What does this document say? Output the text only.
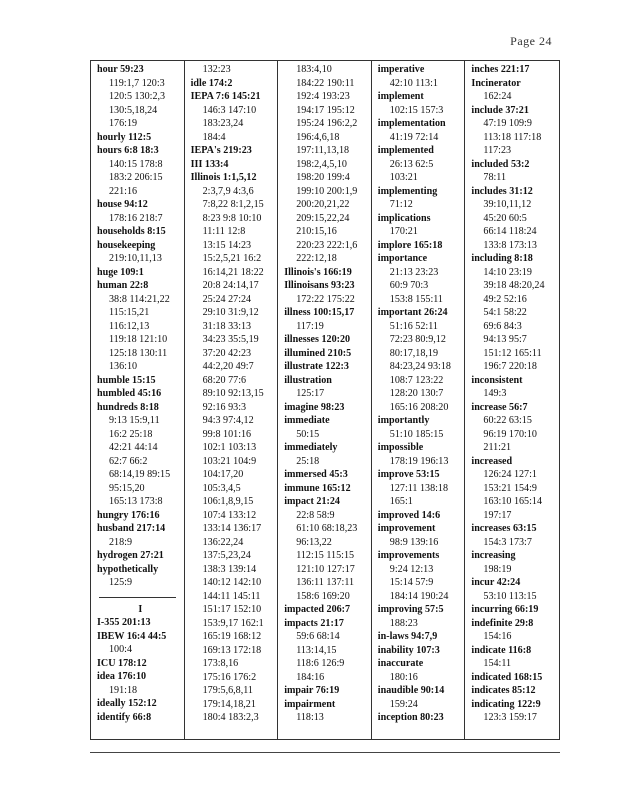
Page 24
hour 59:23
119:1,7 120:3
120:5 130:2,3
130:5,18,24
176:19
hourly 112:5
hours 6:8 18:3
140:15 178:8
183:2 206:15
221:16
house 94:12
178:16 218:7
households 8:15
housekeeping
219:10,11,13
huge 109:1
human 22:8
38:8 114:21,22
115:15,21
116:12,13
119:18 121:10
125:18 130:11
136:10
humble 15:15
humbled 45:16
hundreds 8:18
9:13 15:9,11
16:2 25:18
42:21 44:14
62:7 66:2
68:14,19 89:15
95:15,20
165:13 173:8
hungry 176:16
husband 217:14
218:9
hydrogen 27:21
hypothetically
125:9
I
I-355 201:13
IBEW 16:4 44:5
100:4
ICU 178:12
idea 176:10
191:18
ideally 152:12
identify 66:8
132:23
idle 174:2
IEPA 7:6 145:21
146:3 147:10
183:23,24
184:4
IEPA's 219:23
III 133:4
Illinois 1:1,5,12
2:3,7,9 4:3,6
7:8,22 8:1,2,15
8:23 9:8 10:10
11:11 12:8
13:15 14:23
15:2,5,21 16:2
16:14,21 18:22
20:8 24:14,17
25:24 27:24
29:10 31:9,12
31:18 33:13
34:23 35:5,19
37:20 42:23
44:2,20 49:7
68:20 77:6
89:10 92:13,15
92:16 93:3
94:3 97:4,12
99:8 101:16
102:1 103:13
103:21 104:9
104:17,20
105:3,4,5
106:1,8,9,15
107:4 133:12
133:14 136:17
136:22,24
137:5,23,24
138:3 139:14
140:12 142:10
144:11 145:11
151:17 152:10
153:9,17 162:1
165:19 168:12
169:13 172:18
173:8,16
175:16 176:2
179:5,6,8,11
179:14,18,21
180:4 183:2,3
183:4,10
184:22 190:11
192:4 193:23
194:17 195:12
195:24 196:2,2
196:4,6,18
197:11,13,18
198:2,4,5,10
198:20 199:4
199:10 200:1,9
200:20,21,22
209:15,22,24
210:15,16
220:23 222:1,6
222:12,18
Illinois's 166:19
Illinoisans 93:23
172:22 175:22
illness 100:15,17
117:19
illnesses 120:20
illumined 210:5
illustrate 122:3
illustration
125:17
imagine 98:23
immediate
50:15
immediately
25:18
immersed 45:3
immune 165:12
impact 21:24
22:8 58:9
61:10 68:18,23
96:13,22
112:15 115:15
121:10 127:17
136:11 137:11
158:6 169:20
impacted 206:7
impacts 21:17
59:6 68:14
113:14,15
118:6 126:9
184:16
impair 76:19
impairment
118:13
imperative
42:10 113:1
implement
102:15 157:3
implementation
41:19 72:14
implemented
26:13 62:5
103:21
implementing
71:12
implications
170:21
implore 165:18
importance
21:13 23:23
60:9 70:3
153:8 155:11
important 26:24
51:16 52:11
72:23 80:9,12
80:17,18,19
84:23,24 93:18
108:7 123:22
128:20 130:7
165:16 208:20
importantly
51:10 185:15
impossible
178:19 196:13
improve 53:15
127:11 138:18
165:1
improved 14:6
improvement
98:9 139:16
improvements
9:24 12:13
15:14 57:9
184:14 190:24
improving 57:5
188:23
in-laws 94:7,9
inability 107:3
inaccurate
180:16
inaudible 90:14
159:24
inception 80:23
inches 221:17
Incinerator
162:24
include 37:21
47:19 109:9
113:18 117:18
117:23
included 53:2
78:11
includes 31:12
39:10,11,12
45:20 60:5
66:14 118:24
133:8 173:13
including 8:18
14:10 23:19
39:18 48:20,24
49:2 52:16
54:1 58:22
69:6 84:3
94:13 95:7
151:12 165:11
196:7 220:18
inconsistent
149:3
increase 56:7
60:22 63:15
96:19 170:10
211:21
increased
126:24 127:1
153:21 154:9
163:10 165:14
197:17
increases 63:15
154:3 173:7
increasing
198:19
incur 42:24
53:10 113:15
incurring 66:19
indefinite 29:8
154:16
indicate 116:8
154:11
indicated 168:15
indicates 85:12
indicating 122:9
123:3 159:17
